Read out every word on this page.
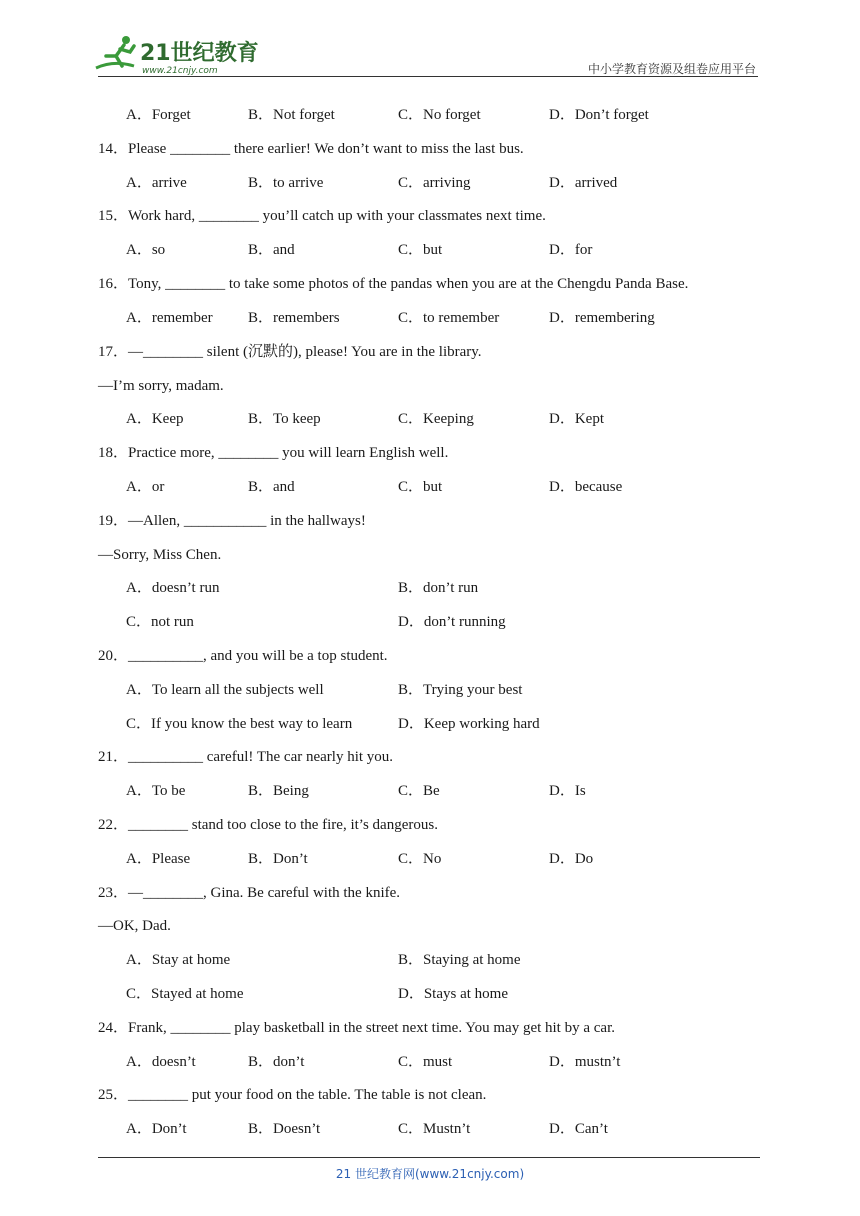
21世纪教育
www.21cnjy.com	中小学教育资源及组卷应用平台
A．Forget	B．Not forget	C．No forget	D．Don’t forget
14．Please ________ there earlier! We don’t want to miss the last bus.
A．arrive	B．to arrive	C．arriving	D．arrived
15．Work hard, ________ you’ll catch up with your classmates next time.
A．so	B．and	C．but	D．for
16．Tony, ________ to take some photos of the pandas when you are at the Chengdu Panda Base.
A．remember B．remembers	C．to remember	D．remembering
17．—________ silent (沉默的), please! You are in the library.
—I’m sorry, madam.
A．Keep	B．To keep	C．Keeping	D．Kept
18．Practice more, ________ you will learn English well.
A．or	B．and	C．but	D．because
19．—Allen, ___________ in the hallways!
—Sorry, Miss Chen.
A．doesn’t run	B．don’t run
C．not run	D．don’t running
20．__________, and you will be a top student.
A．To learn all the subjects well	B．Trying your best
C．If you know the best way to learn	D．Keep working hard
21．__________ careful! The car nearly hit you.
A．To be	B．Being	C．Be	D．Is
22．________ stand too close to the fire, it’s dangerous.
A．Please	B．Don’t	C．No	D．Do
23．—________, Gina. Be careful with the knife.
—OK, Dad.
A．Stay at home	B．Staying at home
C．Stayed at home	D．Stays at home
24．Frank, ________ play basketball in the street next time. You may get hit by a car.
A．doesn’t	B．don’t	C．must	D．mustn’t
25．________ put your food on the table. The table is not clean.
A．Don’t	B．Doesn’t	C．Mustn’t	D．Can’t
21 世纪教育网(www.21cnjy.com)
